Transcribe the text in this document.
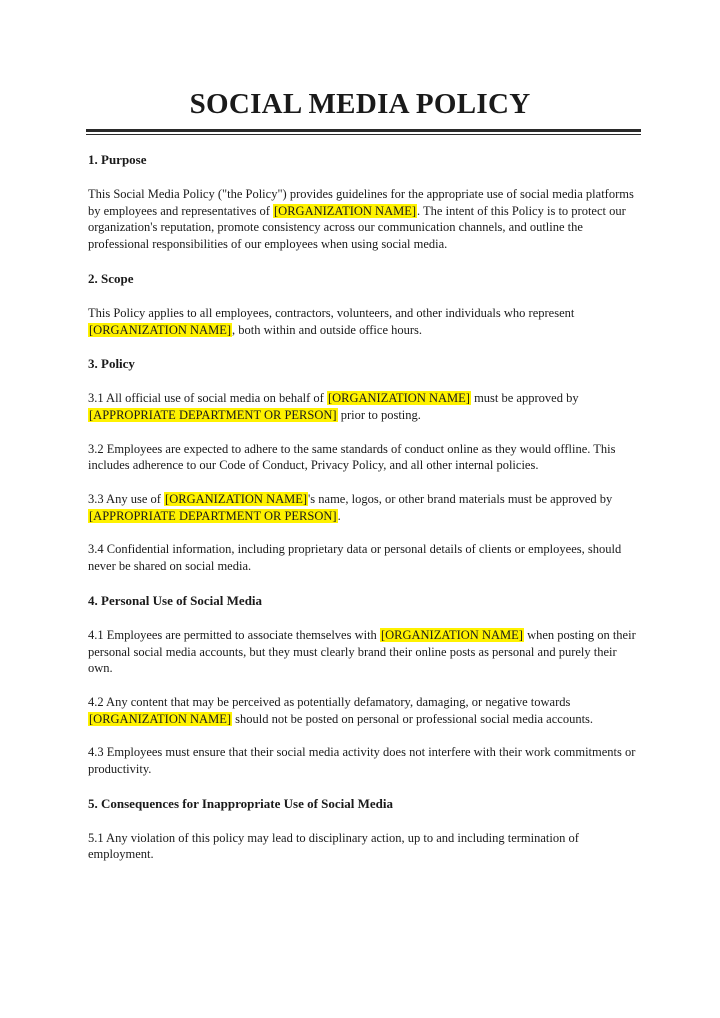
SOCIAL MEDIA POLICY
1. Purpose

This Social Media Policy ("the Policy") provides guidelines for the appropriate use of social media platforms by employees and representatives of [ORGANIZATION NAME]. The intent of this Policy is to protect our organization's reputation, promote consistency across our communication channels, and outline the professional responsibilities of our employees when using social media.

2. Scope

This Policy applies to all employees, contractors, volunteers, and other individuals who represent [ORGANIZATION NAME], both within and outside office hours.

3. Policy

3.1 All official use of social media on behalf of [ORGANIZATION NAME] must be approved by [APPROPRIATE DEPARTMENT OR PERSON] prior to posting.

3.2 Employees are expected to adhere to the same standards of conduct online as they would offline. This includes adherence to our Code of Conduct, Privacy Policy, and all other internal policies.

3.3 Any use of [ORGANIZATION NAME]'s name, logos, or other brand materials must be approved by [APPROPRIATE DEPARTMENT OR PERSON].

3.4 Confidential information, including proprietary data or personal details of clients or employees, should never be shared on social media.

4. Personal Use of Social Media

4.1 Employees are permitted to associate themselves with [ORGANIZATION NAME] when posting on their personal social media accounts, but they must clearly brand their online posts as personal and purely their own.

4.2 Any content that may be perceived as potentially defamatory, damaging, or negative towards [ORGANIZATION NAME] should not be posted on personal or professional social media accounts.

4.3 Employees must ensure that their social media activity does not interfere with their work commitments or productivity.

5. Consequences for Inappropriate Use of Social Media

5.1 Any violation of this policy may lead to disciplinary action, up to and including termination of employment.
